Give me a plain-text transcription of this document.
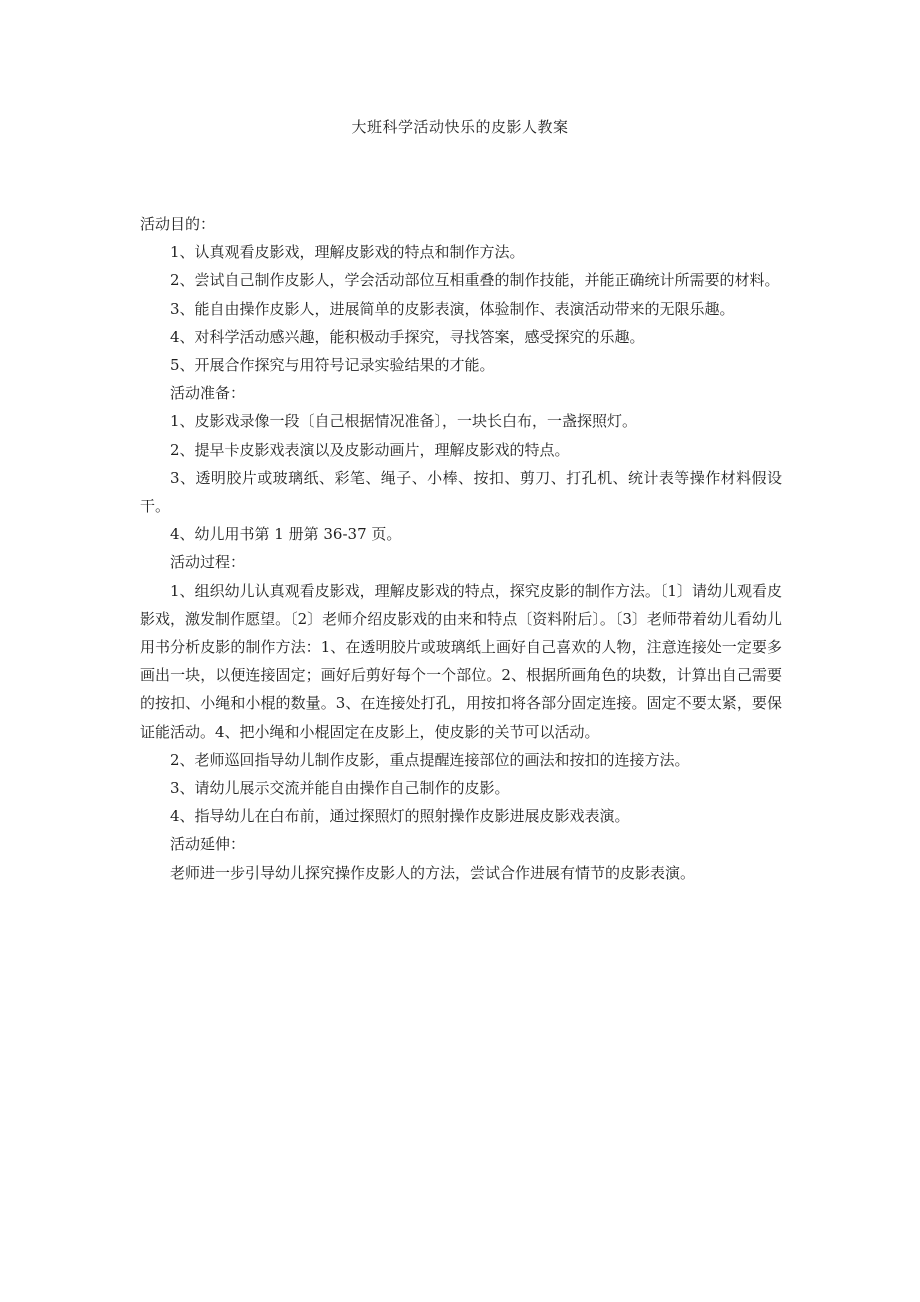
大班科学活动快乐的皮影人教案

活动目的：

1、认真观看皮影戏，理解皮影戏的特点和制作方法。

2、尝试自己制作皮影人，学会活动部位互相重叠的制作技能，并能正确统计所需要的材料。

3、能自由操作皮影人，进展简单的皮影表演，体验制作、表演活动带来的无限乐趣。

4、对科学活动感兴趣，能积极动手探究，寻找答案，感受探究的乐趣。

5、开展合作探究与用符号记录实验结果的才能。

活动准备：

1、皮影戏录像一段〔自己根据情况准备〕，一块长白布，一盏探照灯。

2、提早卡皮影戏表演以及皮影动画片，理解皮影戏的特点。

3、透明胶片或玻璃纸、彩笔、绳子、小棒、按扣、剪刀、打孔机、统计表等操作材料假设干。

4、幼儿用书第 1 册第 36-37 页。

活动过程：

1、组织幼儿认真观看皮影戏，理解皮影戏的特点，探究皮影的制作方法。〔1〕请幼儿观看皮影戏，激发制作愿望。〔2〕老师介绍皮影戏的由来和特点〔资料附后〕。〔3〕老师带着幼儿看幼儿用书分析皮影的制作方法：1、在透明胶片或玻璃纸上画好自己喜欢的人物，注意连接处一定要多画出一块，以便连接固定；画好后剪好每个一个部位。2、根据所画角色的块数，计算出自己需要的按扣、小绳和小棍的数量。3、在连接处打孔，用按扣将各部分固定连接。固定不要太紧，要保证能活动。4、把小绳和小棍固定在皮影上，使皮影的关节可以活动。

2、老师巡回指导幼儿制作皮影，重点提醒连接部位的画法和按扣的连接方法。

3、请幼儿展示交流并能自由操作自己制作的皮影。

4、指导幼儿在白布前，通过探照灯的照射操作皮影进展皮影戏表演。

活动延伸：

老师进一步引导幼儿探究操作皮影人的方法，尝试合作进展有情节的皮影表演。
